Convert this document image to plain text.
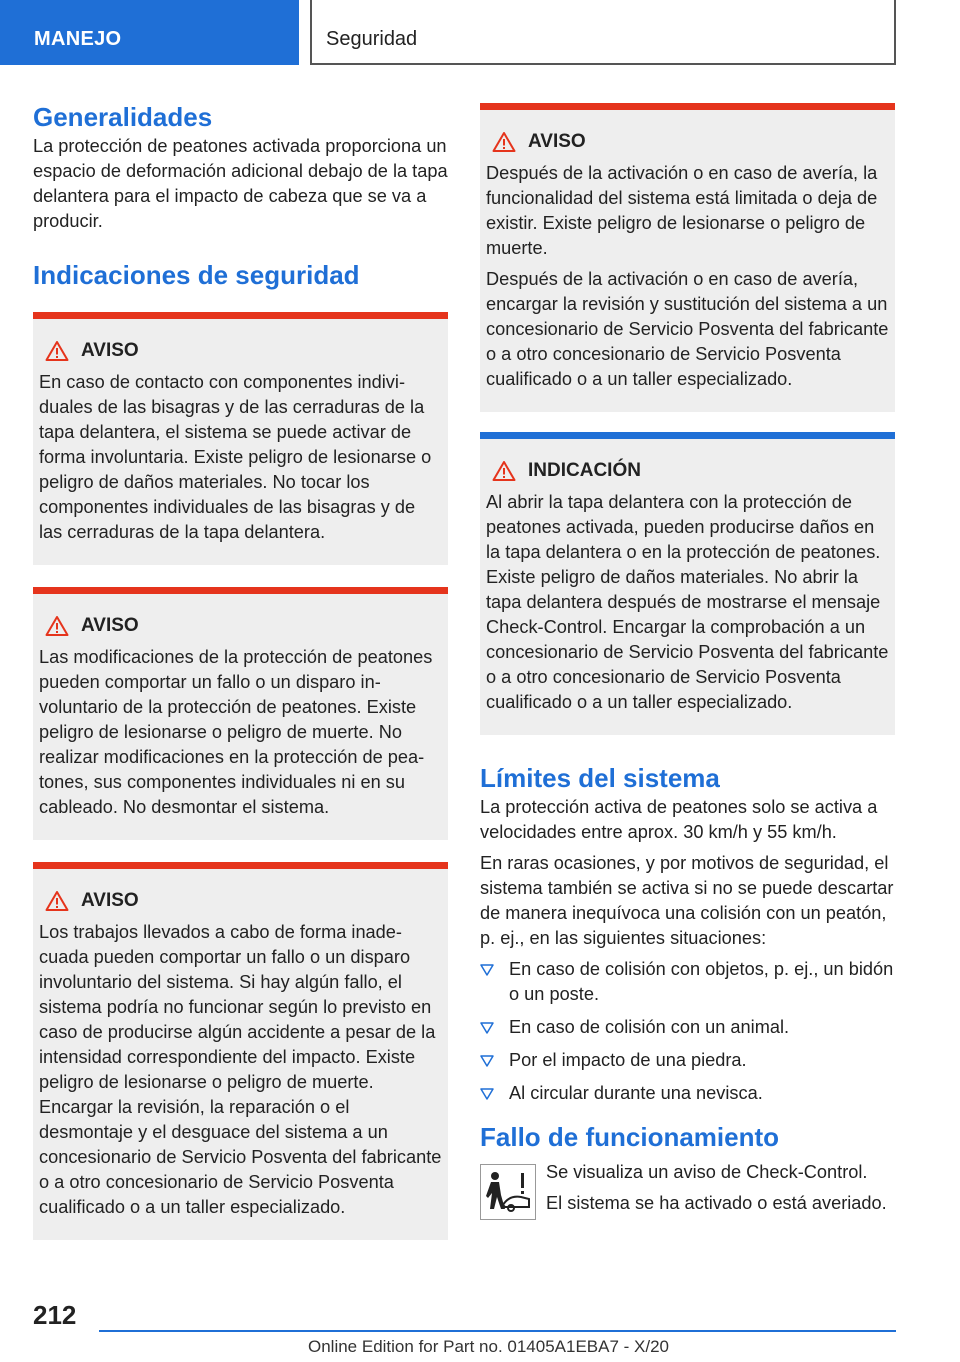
MANEJO	Seguridad
Generalidades

La protección de peatones activada proporciona un espacio de deformación adicional debajo de la tapa delantera para el impacto de cabeza que se va a producir.

Indicaciones de seguridad
AVISO

En caso de contacto con componentes individuales de las bisagras y de las cerraduras de la tapa delantera, el sistema se puede activar de forma involuntaria. Existe peligro de lesionarse o peligro de daños materiales. No tocar los componentes individuales de las bisagras y de las cerraduras de la tapa delantera.

AVISO

Las modificaciones de la protección de peatones pueden comportar un fallo o un disparo involuntario de la protección de peatones. Existe peligro de lesionarse o peligro de muerte. No realizar modificaciones en la protección de peatones, sus componentes individuales ni en su cableado. No desmontar el sistema.

AVISO

Los trabajos llevados a cabo de forma inadecuada pueden comportar un fallo o un disparo involuntario del sistema. Si hay algún fallo, el sistema podría no funcionar según lo previsto en caso de producirse algún accidente a pesar de la intensidad correspondiente del impacto. Existe peligro de lesionarse o peligro de muerte. Encargar la revisión, la reparación o el desmontaje y el desguace del sistema a un concesionario de Servicio Posventa del fabricante o a otro concesionario de Servicio Posventa cualificado o a un taller especializado.

AVISO

Después de la activación o en caso de avería, la funcionalidad del sistema está limitada o deja de existir. Existe peligro de lesionarse o peligro de muerte.

Después de la activación o en caso de avería, encargar la revisión y sustitución del sistema a un concesionario de Servicio Posventa del fabricante o a otro concesionario de Servicio Posventa cualificado o a un taller especializado.

INDICACIÓN

Al abrir la tapa delantera con la protección de peatones activada, pueden producirse daños en la tapa delantera o en la protección de peatones. Existe peligro de daños materiales. No abrir la tapa delantera después de mostrarse el mensaje Check-Control. Encargar la comprobación a un concesionario de Servicio Posventa del fabricante o a otro concesionario de Servicio Posventa cualificado o a un taller especializado.

Límites del sistema

La protección activa de peatones solo se activa a velocidades entre aprox. 30 km/h y 55 km/h.

En raras ocasiones, y por motivos de seguridad, el sistema también se activa si no se puede descartar de manera inequívoca una colisión con un peatón, p. ej., en las siguientes situaciones:

En caso de colisión con objetos, p. ej., un bidón o un poste.
En caso de colisión con un animal.
Por el impacto de una piedra.
Al circular durante una nevisca.
Fallo de funcionamiento

Se visualiza un aviso de Check-Control.

El sistema se ha activado o está averiado.

212
Online Edition for Part no. 01405A1EBA7 - X/20
